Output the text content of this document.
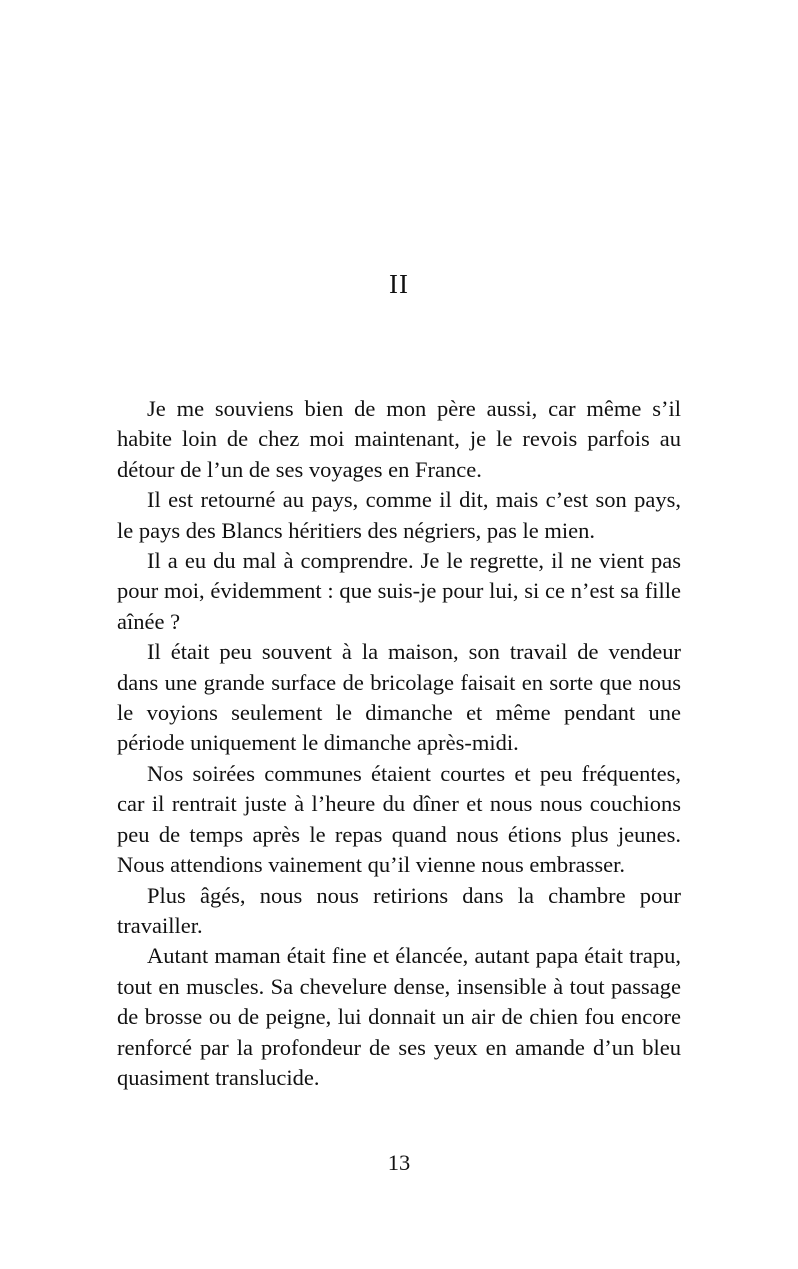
II

Je me souviens bien de mon père aussi, car même s’il habite loin de chez moi maintenant, je le revois parfois au détour de l’un de ses voyages en France.

Il est retourné au pays, comme il dit, mais c’est son pays, le pays des Blancs héritiers des négriers, pas le mien.

Il a eu du mal à comprendre. Je le regrette, il ne vient pas pour moi, évidemment : que suis-je pour lui, si ce n’est sa fille aînée ?

Il était peu souvent à la maison, son travail de vendeur dans une grande surface de bricolage faisait en sorte que nous le voyions seulement le dimanche et même pendant une période uniquement le dimanche après-midi.

Nos soirées communes étaient courtes et peu fréquentes, car il rentrait juste à l’heure du dîner et nous nous couchions peu de temps après le repas quand nous étions plus jeunes. Nous attendions vainement qu’il vienne nous embrasser.

Plus âgés, nous nous retirions dans la chambre pour travailler.

Autant maman était fine et élancée, autant papa était trapu, tout en muscles. Sa chevelure dense, insensible à tout passage de brosse ou de peigne, lui donnait un air de chien fou encore renforcé par la profondeur de ses yeux en amande d’un bleu quasiment translucide.

13
